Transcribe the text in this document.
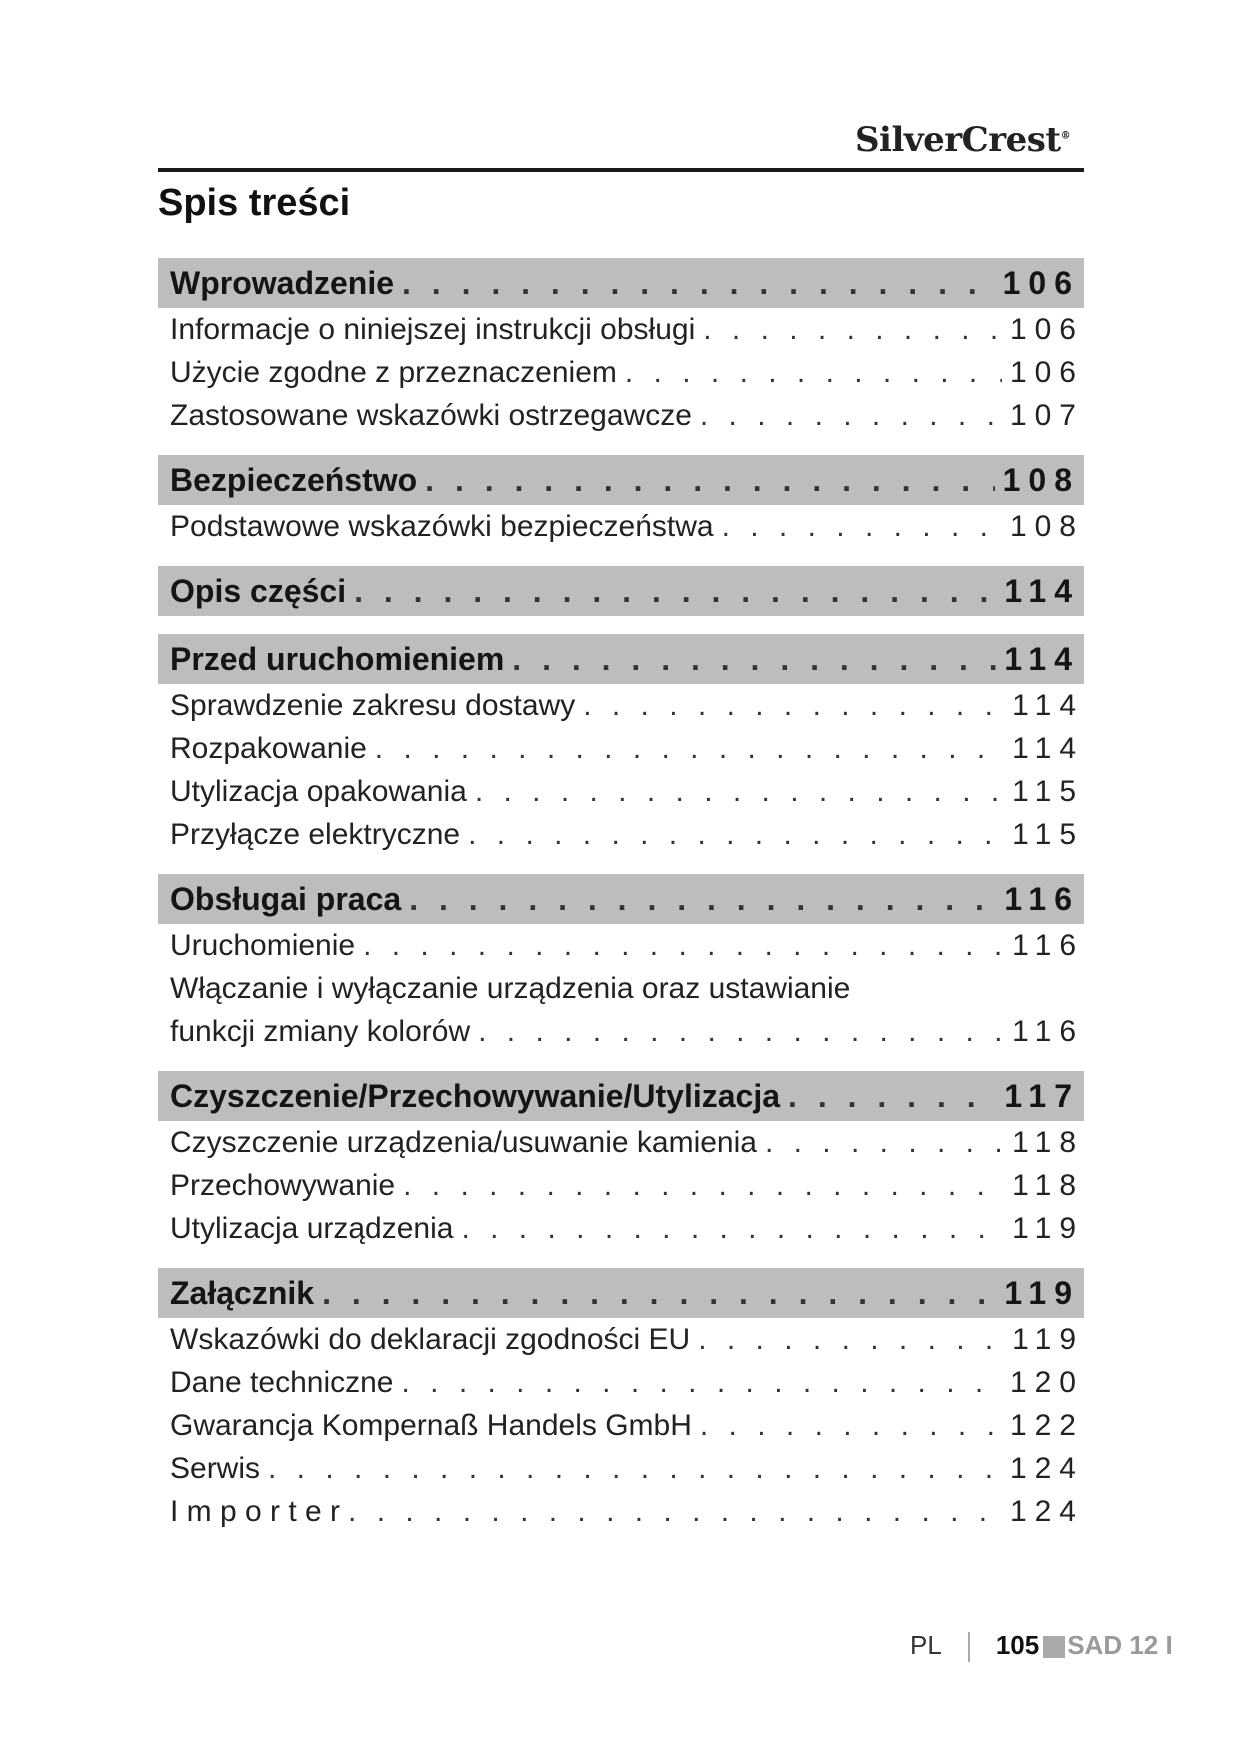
SilverCrest®
Spis treści
Wprowadzenie . . .	106
Informacje o niniejszej instrukcji obsługi . . .	106
Użycie zgodne z przeznaczeniem . . .	106
Zastosowane wskazówki ostrzegawcze . . .	107
Bezpieczeństwo . . .	108
Podstawowe wskazówki bezpieczeństwa . . .	108
Opis części . . .	114
Przed uruchomieniem . . .	114
Sprawdzenie zakresu dostawy . . .	114
Rozpakowanie . . .	114
Utylizacja opakowania . . .	115
Przyłącze elektryczne . . .	115
Obsługai praca . . .	116
Uruchomienie . . .	116
Włączanie i wyłączanie urządzenia oraz ustawianie
funkcji zmiany kolorów . . .	116
Czyszczenie/Przechowywanie/Utylizacja . . .	117
Czyszczenie urządzenia/usuwanie kamienia . . .	118
Przechowywanie . . .	118
Utylizacja urządzenia . . .	119
Załącznik . . .	119
Wskazówki do deklaracji zgodności EU . . .	119
Dane techniczne . . .	120
Gwarancja Kompernaß Handels GmbH . . .	122
Serwis . . .	124
I m p o r t e r . . .	124
PL 105 SAD 12 I
